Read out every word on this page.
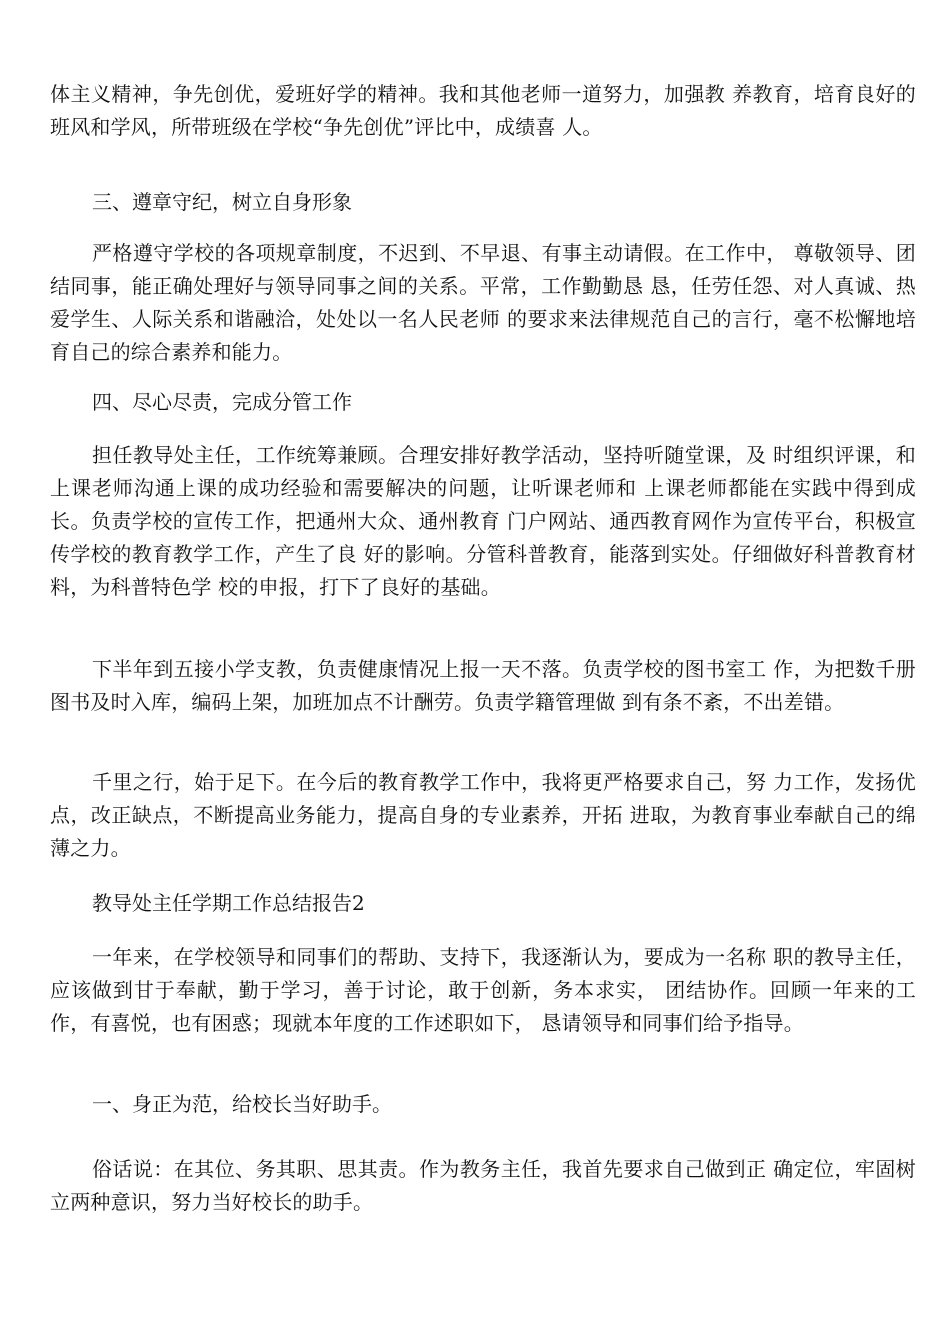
体主义精神，争先创优，爱班好学的精神。我和其他老师一道努力，加强教 养教育，培育良好的班风和学风，所带班级在学校“争先创优”评比中，成绩喜 人。

三、遵章守纪，树立自身形象

严格遵守学校的各项规章制度，不迟到、不早退、有事主动请假。在工作中， 尊敬领导、团结同事，能正确处理好与领导同事之间的关系。平常，工作勤勤恳 恳，任劳任怨、对人真诚、热爱学生、人际关系和谐融洽，处处以一名人民老师 的要求来法律规范自己的言行，毫不松懈地培育自己的综合素养和能力。

四、尽心尽责，完成分管工作

担任教导处主任，工作统筹兼顾。合理安排好教学活动，坚持听随堂课，及 时组织评课，和上课老师沟通上课的成功经验和需要解决的问题，让听课老师和 上课老师都能在实践中得到成长。负责学校的宣传工作，把通州大众、通州教育 门户网站、通西教育网作为宣传平台，积极宣传学校的教育教学工作，产生了良 好的影响。分管科普教育，能落到实处。仔细做好科普教育材料，为科普特色学 校的申报，打下了良好的基础。

下半年到五接小学支教，负责健康情况上报一天不落。负责学校的图书室工 作，为把数千册图书及时入库，编码上架，加班加点不计酬劳。负责学籍管理做 到有条不紊，不出差错。

千里之行，始于足下。在今后的教育教学工作中，我将更严格要求自己，努 力工作，发扬优点，改正缺点，不断提高业务能力，提高自身的专业素养，开拓 进取，为教育事业奉献自己的绵薄之力。

教导处主任学期工作总结报告2

一年来，在学校领导和同事们的帮助、支持下，我逐渐认为，要成为一名称 职的教导主任，应该做到甘于奉献，勤于学习，善于讨论，敢于创新，务本求实， 团结协作。回顾一年来的工作，有喜悦，也有困惑；现就本年度的工作述职如下， 恳请领导和同事们给予指导。

一、身正为范，给校长当好助手。

俗话说：在其位、务其职、思其责。作为教务主任，我首先要求自己做到正 确定位，牢固树立两种意识，努力当好校长的助手。
